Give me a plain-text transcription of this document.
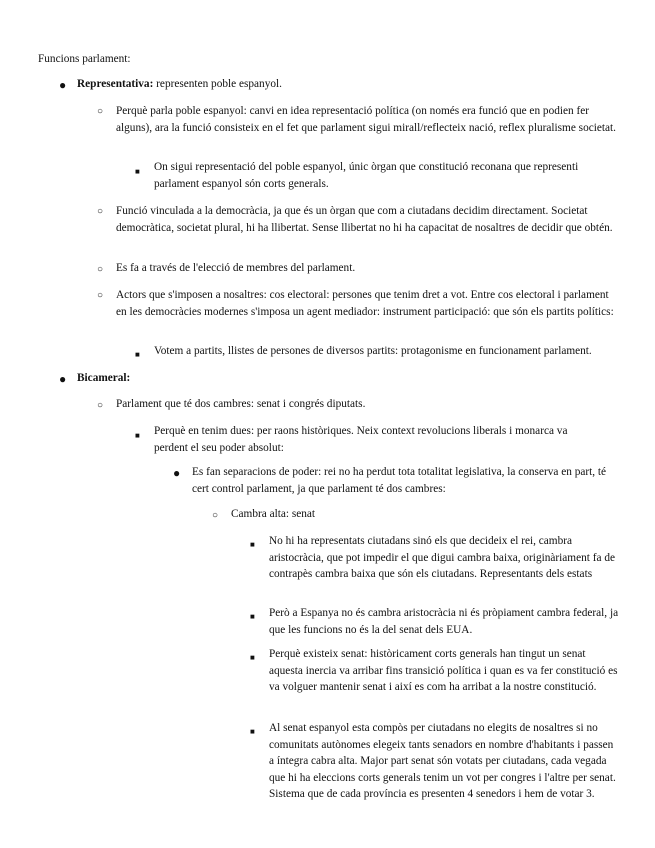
Funcions parlament:

● Representativa: representen poble espanyol.

○ Perquè parla poble espanyol: canvi en idea representació política (on només era funció que en podien fer alguns), ara la funció consisteix en el fet que parlament sigui mirall/reflecteix nació, reflex pluralisme societat.

■ On sigui representació del poble espanyol, únic òrgan que constitució reconana que representi parlament espanyol són corts generals.

○ Funció vinculada a la democràcia, ja que és un òrgan que com a ciutadans decidim directament. Societat democràtica, societat plural, hi ha llibertat. Sense llibertat no hi ha capacitat de nosaltres de decidir que obtén.

○ Es fa a través de l'elecció de membres del parlament.

○ Actors que s'imposen a nosaltres: cos electoral: persones que tenim dret a vot. Entre cos electoral i parlament en les democràcies modernes s'imposa un agent mediador: instrument participació: que són els partits polítics:

■ Votem a partits, llistes de persones de diversos partits: protagonisme en funcionament parlament.

● Bicameral:

○ Parlament que té dos cambres: senat i congrés diputats.

■ Perquè en tenim dues: per raons històriques. Neix context revolucions liberals i monarca va perdent el seu poder absolut:

● Es fan separacions de poder: rei no ha perdut tota totalitat legislativa, la conserva en part, té cert control parlament, ja que parlament té dos cambres:

○ Cambra alta: senat

■ No hi ha representats ciutadans sinó els que decideix el rei, cambra aristocràcia, que pot impedir el que digui cambra baixa, originàriament fa de contrapès cambra baixa que són els ciutadans. Representants dels estats

■ Però a Espanya no és cambra aristocràcia ni és pròpiament cambra federal, ja que les funcions no és la del senat dels EUA.

■ Perquè existeix senat: històricament corts generals han tingut un senat aquesta inercia va arribar fins transició política i quan es va fer constitució es va volguer mantenir senat i així es com ha arribat a la nostre constitució.

■ Al senat espanyol esta compòs per ciutadans no elegits de nosaltres si no comunitats autònomes elegeix tants senadors en nombre d'habitants i passen a íntegra cabra alta. Major part senat són votats per ciutadans, cada vegada que hi ha eleccions corts generals tenim un vot per congres i l'altre per senat. Sistema que de cada província es presenten 4 senedors i hem de votar 3.
